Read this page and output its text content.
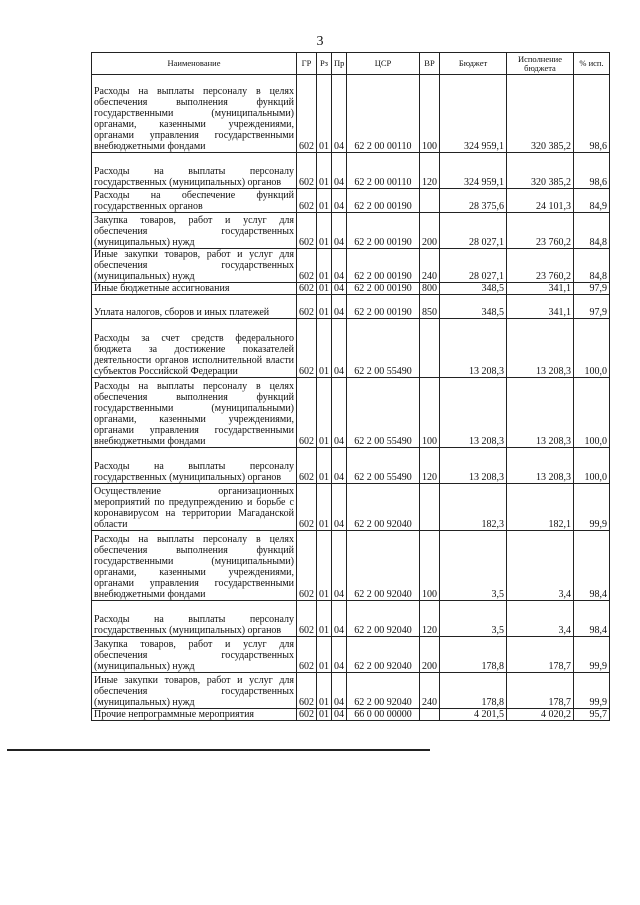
3
Наименование	ГР	Рз	Пр	ЦСР	ВР	Бюджет	Исполнение бюджета	% исп.
Расходы на выплаты персоналу в целях обеспечения выполнения функций государственными (муниципальными) органами, казенными учреждениями, органами управления государственными внебюджетными фондами	602	01	04	62 2 00 00110	100	324 959,1	320 385,2	98,6
Расходы на выплаты персоналу государственных (муниципальных) органов	602	01	04	62 2 00 00110	120	324 959,1	320 385,2	98,6
Расходы на обеспечение функций государственных органов	602	01	04	62 2 00 00190		28 375,6	24 101,3	84,9
Закупка товаров, работ и услуг для обеспечения государственных (муниципальных) нужд	602	01	04	62 2 00 00190	200	28 027,1	23 760,2	84,8
Иные закупки товаров, работ и услуг для обеспечения государственных (муниципальных) нужд	602	01	04	62 2 00 00190	240	28 027,1	23 760,2	84,8
Иные бюджетные ассигнования	602	01	04	62 2 00 00190	800	348,5	341,1	97,9
Уплата налогов, сборов и иных платежей	602	01	04	62 2 00 00190	850	348,5	341,1	97,9
Расходы за счет средств федерального бюджета за достижение показателей деятельности органов исполнительной власти субъектов Российской Федерации	602	01	04	62 2 00 55490		13 208,3	13 208,3	100,0
Расходы на выплаты персоналу в целях обеспечения выполнения функций государственными (муниципальными) органами, казенными учреждениями, органами управления государственными внебюджетными фондами	602	01	04	62 2 00 55490	100	13 208,3	13 208,3	100,0
Расходы на выплаты персоналу государственных (муниципальных) органов	602	01	04	62 2 00 55490	120	13 208,3	13 208,3	100,0
Осуществление организационных мероприятий по предупреждению и борьбе с коронавирусом на территории Магаданской области	602	01	04	62 2 00 92040		182,3	182,1	99,9
Расходы на выплаты персоналу в целях обеспечения выполнения функций государственными (муниципальными) органами, казенными учреждениями, органами управления государственными внебюджетными фондами	602	01	04	62 2 00 92040	100	3,5	3,4	98,4
Расходы на выплаты персоналу государственных (муниципальных) органов	602	01	04	62 2 00 92040	120	3,5	3,4	98,4
Закупка товаров, работ и услуг для обеспечения государственных (муниципальных) нужд	602	01	04	62 2 00 92040	200	178,8	178,7	99,9
Иные закупки товаров, работ и услуг для обеспечения государственных (муниципальных) нужд	602	01	04	62 2 00 92040	240	178,8	178,7	99,9
Прочие непрограммные мероприятия	602	01	04	66 0 00 00000		4 201,5	4 020,2	95,7
